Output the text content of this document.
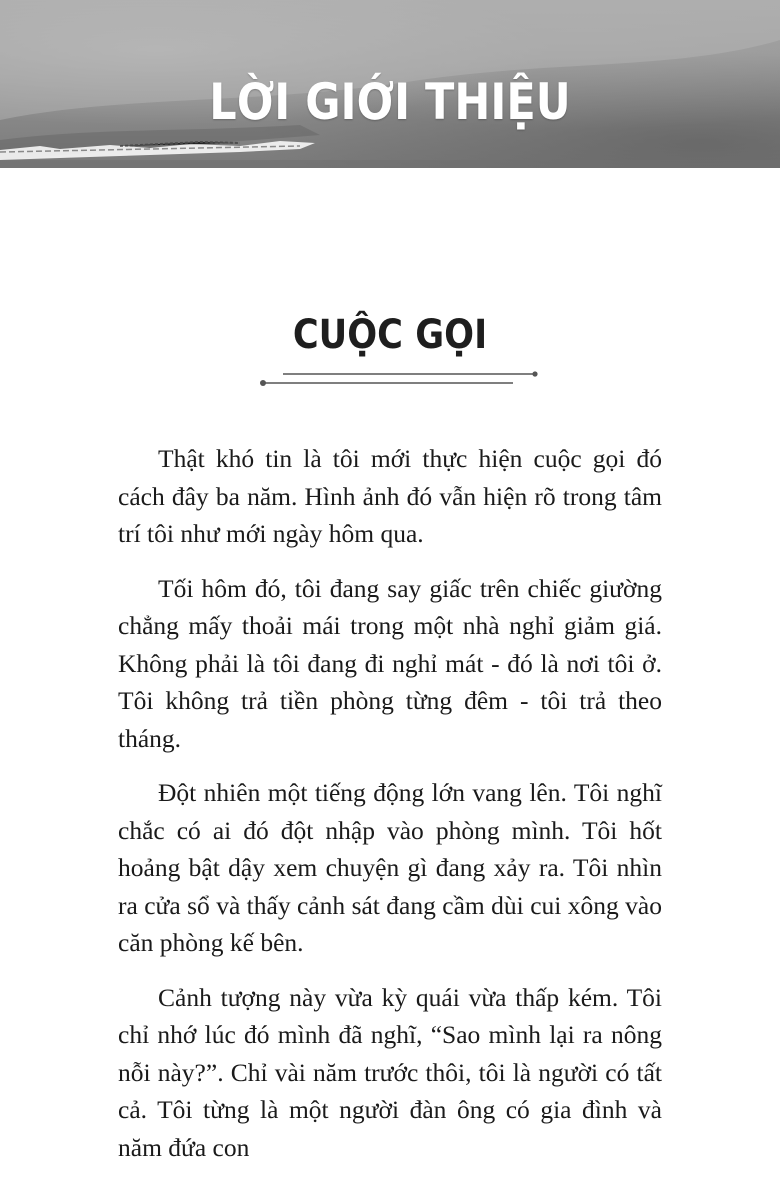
LỜI GIỚI THIỆU
CUỘC GỌI

Thật khó tin là tôi mới thực hiện cuộc gọi đó cách đây ba năm. Hình ảnh đó vẫn hiện rõ trong tâm trí tôi như mới ngày hôm qua.

Tối hôm đó, tôi đang say giấc trên chiếc giường chẳng mấy thoải mái trong một nhà nghỉ giảm giá. Không phải là tôi đang đi nghỉ mát - đó là nơi tôi ở. Tôi không trả tiền phòng từng đêm - tôi trả theo tháng.

Đột nhiên một tiếng động lớn vang lên. Tôi nghĩ chắc có ai đó đột nhập vào phòng mình. Tôi hốt hoảng bật dậy xem chuyện gì đang xảy ra. Tôi nhìn ra cửa sổ và thấy cảnh sát đang cầm dùi cui xông vào căn phòng kế bên.

Cảnh tượng này vừa kỳ quái vừa thấp kém. Tôi chỉ nhớ lúc đó mình đã nghĩ, “Sao mình lại ra nông nỗi này?”. Chỉ vài năm trước thôi, tôi là người có tất cả. Tôi từng là một người đàn ông có gia đình và năm đứa con
